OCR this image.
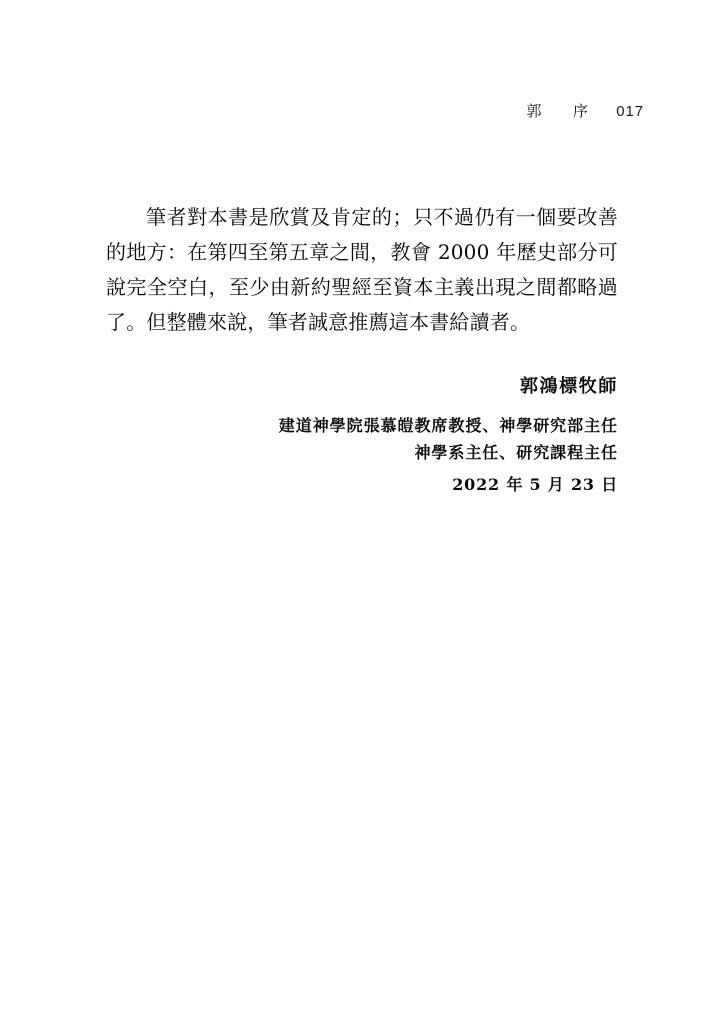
郭　序 017

筆者對本書是欣賞及肯定的；只不過仍有一個要改善的地方：在第四至第五章之間，教會 2000 年歷史部分可說完全空白，至少由新約聖經至資本主義出現之間都略過了。但整體來說，筆者誠意推薦這本書給讀者。

郭鴻標牧師
建道神學院張慕皚教席教授、神學研究部主任
神學系主任、研究課程主任
2022 年 5 月 23 日
